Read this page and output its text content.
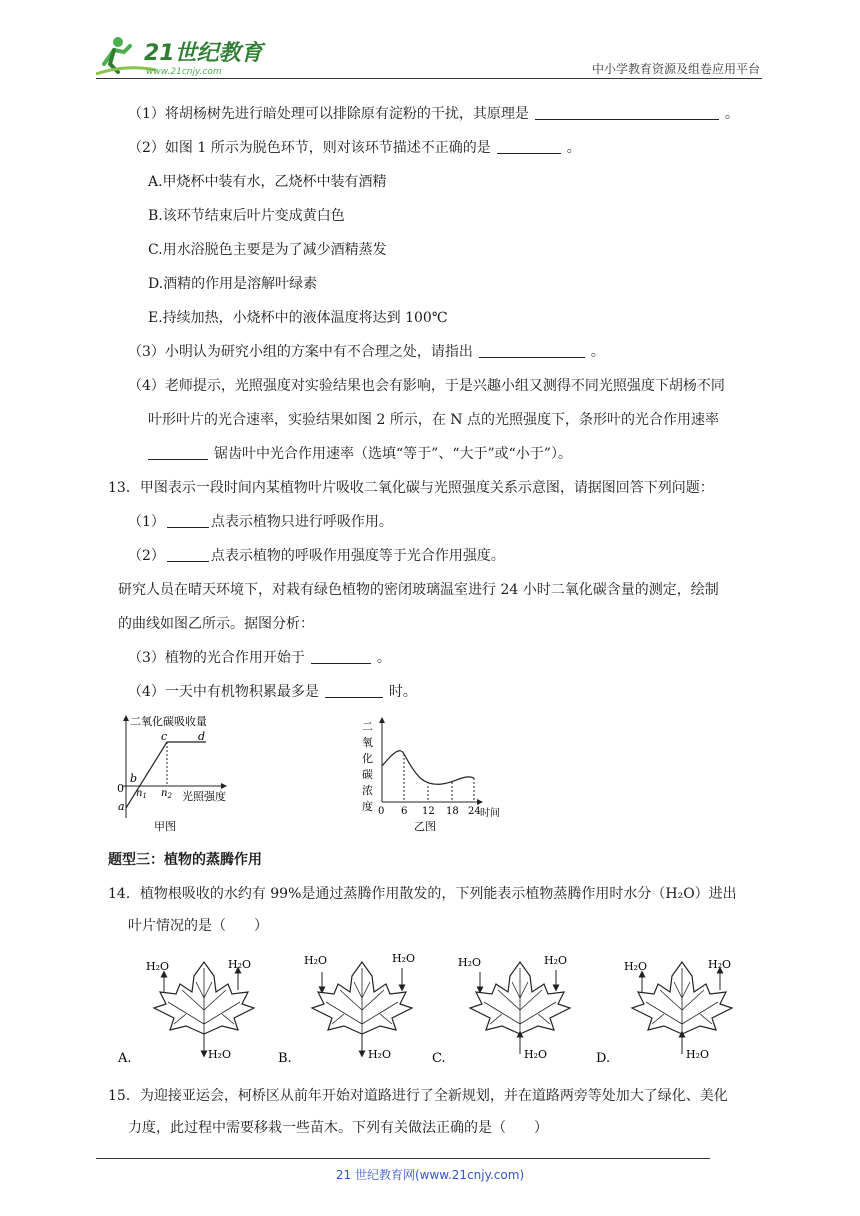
21世纪教育
www.21cnjy.com	中小学教育资源及组卷应用平台
（1）将胡杨树先进行暗处理可以排除原有淀粉的干扰，其原理是	。
（2）如图 1 所示为脱色环节，则对该环节描述不正确的是	。
A.甲烧杯中装有水，乙烧杯中装有酒精
B.该环节结束后叶片变成黄白色
C.用水浴脱色主要是为了减少酒精蒸发
D.酒精的作用是溶解叶绿素
E.持续加热，小烧杯中的液体温度将达到 100℃
（3）小明认为研究小组的方案中有不合理之处，请指出	。
（4）老师提示，光照强度对实验结果也会有影响，于是兴趣小组又测得不同光照强度下胡杨不同
叶形叶片的光合速率，实验结果如图 2 所示，在 N 点的光照强度下，条形叶的光合作用速率
锯齿叶中光合作用速率（选填“等于”、“大于”或“小于”）。
13．甲图表示一段时间内某植物叶片吸收二氧化碳与光照强度关系示意图，请据图回答下列问题：
（1）	点表示植物只进行呼吸作用。
（2）	点表示植物的呼吸作用强度等于光合作用强度。
研究人员在晴天环境下，对栽有绿色植物的密闭玻璃温室进行 24 小时二氧化碳含量的测定，绘制
的曲线如图乙所示。据图分析：
（3）植物的光合作用开始于	。
（4）一天中有机物积累最多是	时。
二氧化碳吸收量
光照强度
a
b
c	d
0 $n_1$ $n_2$
甲图
二
氧
化
碳
浓
度 0 6 12 18 24 时间
乙图
题型三：植物的蒸腾作用
14．植物根吸收的水约有 99%是通过蒸腾作用散发的，下列能表示植物蒸腾作用时水分（H₂O）进出
叶片情况的是（　　）
H₂O	H₂O
H₂O
A.
H₂O	H₂O
H₂O
B.
H₂O	H₂O
H₂O
C.
H₂O	H₂O
H₂O
D.
15．为迎接亚运会，柯桥区从前年开始对道路进行了全新规划，并在道路两旁等处加大了绿化、美化
力度，此过程中需要移栽一些苗木。下列有关做法正确的是（　　）
21 世纪教育网(www.21cnjy.com)
